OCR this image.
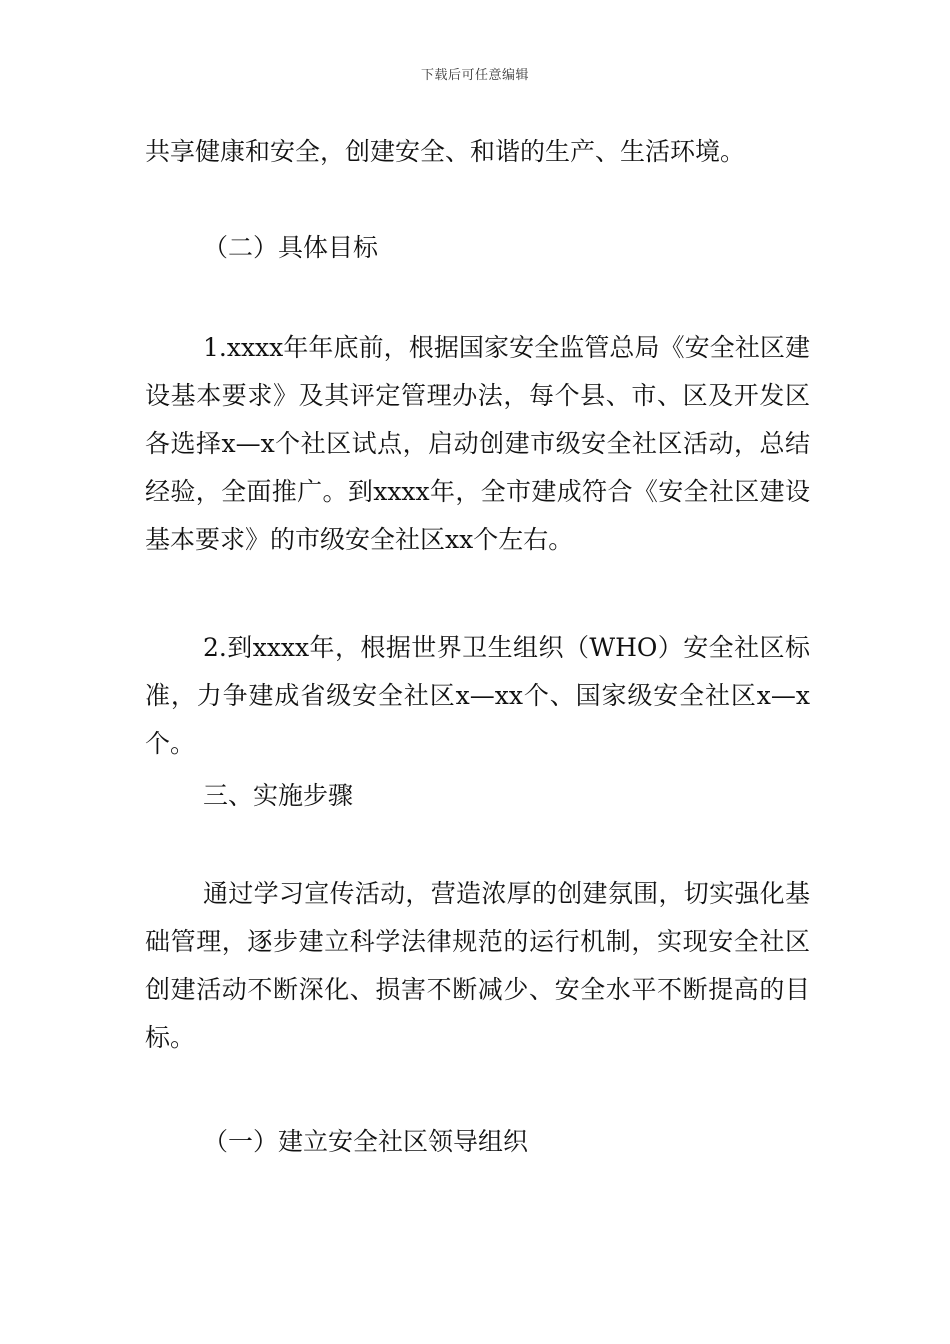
下载后可任意编辑

共享健康和安全，创建安全、和谐的生产、生活环境。

（二）具体目标

1.xxxx年年底前，根据国家安全监管总局《安全社区建设基本要求》及其评定管理办法，每个县、市、区及开发区各选择x—x个社区试点，启动创建市级安全社区活动，总结经验，全面推广。到xxxx年，全市建成符合《安全社区建设基本要求》的市级安全社区xx个左右。

2.到xxxx年，根据世界卫生组织（WHO）安全社区标准，力争建成省级安全社区x—xx个、国家级安全社区x—x个。

三、实施步骤

通过学习宣传活动，营造浓厚的创建氛围，切实强化基础管理，逐步建立科学法律规范的运行机制，实现安全社区创建活动不断深化、损害不断减少、安全水平不断提高的目标。

（一）建立安全社区领导组织
